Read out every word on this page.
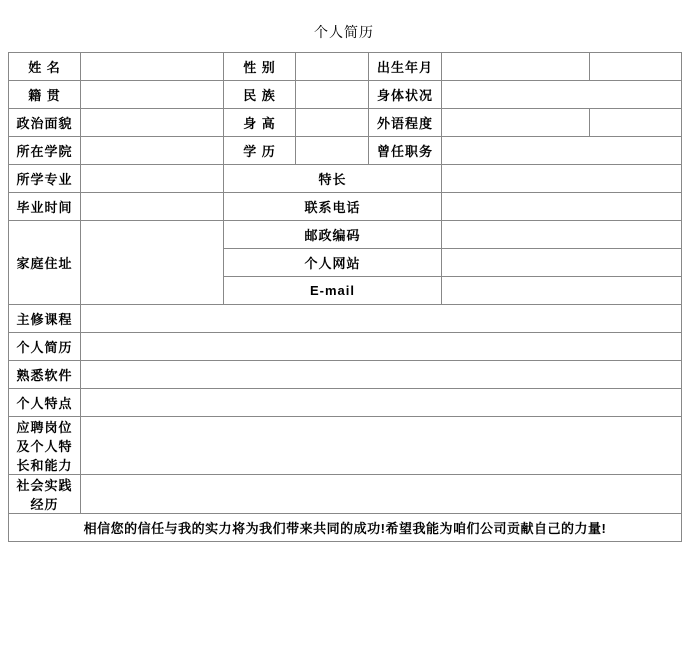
个人简历
姓 名		性 别		出生年月		
籍 贯		民 族		身体状况		
政治面貌		身 高		外语程度		
所在学院		学 历		曾任职务		
所学专业		特长				
毕业时间		联系电话				
家庭住址		邮政编码				
		个人网站				
		E-mail				
主修课程						
个人简历						
熟悉软件						
个人特点						

应聘岗位
及个人特
长和能力						

社会实践
经历						

相信您的信任与我的实力将为我们带来共同的成功!希望我能为咱们公司贡献自己的力量!						
